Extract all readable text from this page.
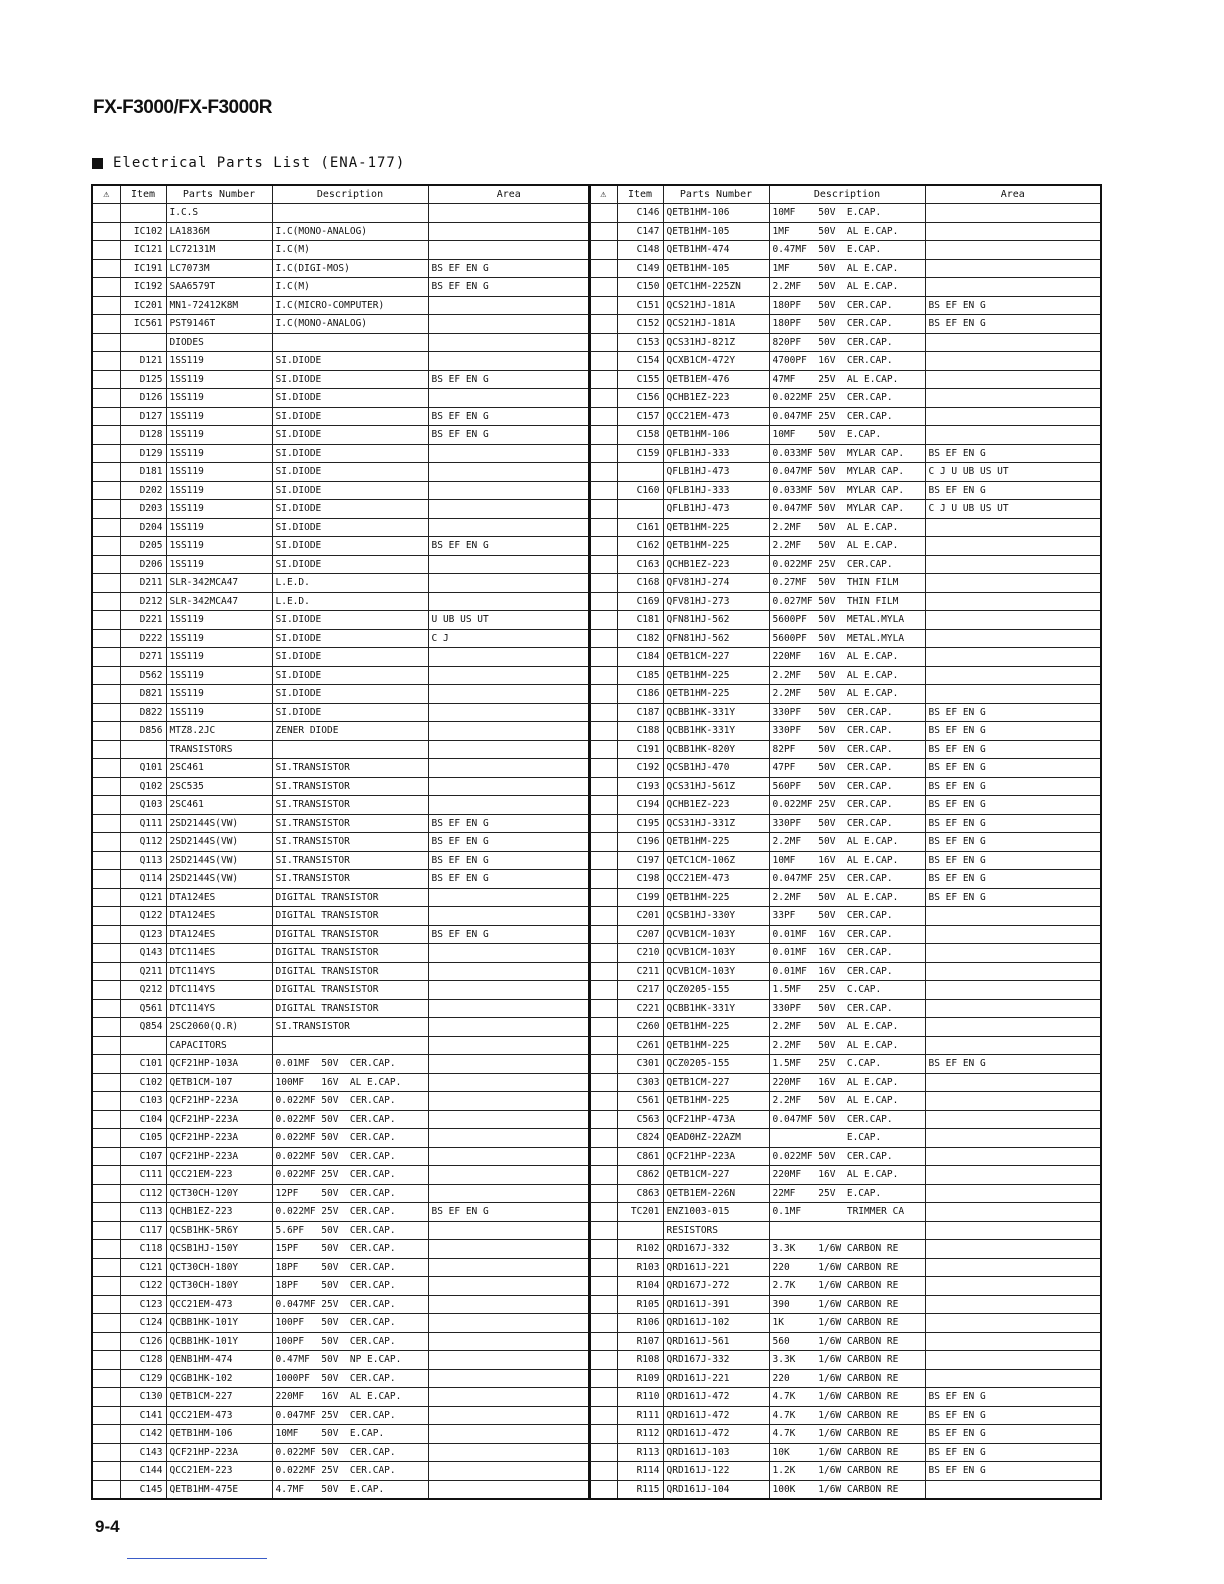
FX-F3000/FX-F3000R
Electrical Parts List (ENA-177)
⚠	Item	Parts Number	Description	Area
		I.C.S		
	IC102	LA1836M	I.C(MONO-ANALOG)	
	IC121	LC72131M	I.C(M)	
	IC191	LC7073M	I.C(DIGI-MOS)	BS EF EN G
	IC192	SAA6579T	I.C(M)	BS EF EN G
	IC201	MN1-72412K8M	I.C(MICRO-COMPUTER)	
	IC561	PST9146T	I.C(MONO-ANALOG)	
		DIODES		
	D121	1SS119	SI.DIODE	
	D125	1SS119	SI.DIODE	BS EF EN G
	D126	1SS119	SI.DIODE	
	D127	1SS119	SI.DIODE	BS EF EN G
	D128	1SS119	SI.DIODE	BS EF EN G
	D129	1SS119	SI.DIODE	
	D181	1SS119	SI.DIODE	
	D202	1SS119	SI.DIODE	
	D203	1SS119	SI.DIODE	
	D204	1SS119	SI.DIODE	
	D205	1SS119	SI.DIODE	BS EF EN G
	D206	1SS119	SI.DIODE	
	D211	SLR-342MCA47	L.E.D.	
	D212	SLR-342MCA47	L.E.D.	
	D221	1SS119	SI.DIODE	U UB US UT
	D222	1SS119	SI.DIODE	C J
	D271	1SS119	SI.DIODE	
	D562	1SS119	SI.DIODE	
	D821	1SS119	SI.DIODE	
	D822	1SS119	SI.DIODE	
	D856	MTZ8.2JC	ZENER DIODE	
		TRANSISTORS		
	Q101	2SC461	SI.TRANSISTOR	
	Q102	2SC535	SI.TRANSISTOR	
	Q103	2SC461	SI.TRANSISTOR	
	Q111	2SD2144S(VW)	SI.TRANSISTOR	BS EF EN G
	Q112	2SD2144S(VW)	SI.TRANSISTOR	BS EF EN G
	Q113	2SD2144S(VW)	SI.TRANSISTOR	BS EF EN G
	Q114	2SD2144S(VW)	SI.TRANSISTOR	BS EF EN G
	Q121	DTA124ES	DIGITAL TRANSISTOR	
	Q122	DTA124ES	DIGITAL TRANSISTOR	
	Q123	DTA124ES	DIGITAL TRANSISTOR	BS EF EN G
	Q143	DTC114ES	DIGITAL TRANSISTOR	
	Q211	DTC114YS	DIGITAL TRANSISTOR	
	Q212	DTC114YS	DIGITAL TRANSISTOR	
	Q561	DTC114YS	DIGITAL TRANSISTOR	
	Q854	2SC2060(Q.R)	SI.TRANSISTOR	
		CAPACITORS		
	C101	QCF21HP-103A	0.01MF  50V  CER.CAP.	
	C102	QETB1CM-107	100MF   16V  AL E.CAP.	
	C103	QCF21HP-223A	0.022MF 50V  CER.CAP.	
	C104	QCF21HP-223A	0.022MF 50V  CER.CAP.	
	C105	QCF21HP-223A	0.022MF 50V  CER.CAP.	
	C107	QCF21HP-223A	0.022MF 50V  CER.CAP.	
	C111	QCC21EM-223	0.022MF 25V  CER.CAP.	
	C112	QCT30CH-120Y	12PF    50V  CER.CAP.	
	C113	QCHB1EZ-223	0.022MF 25V  CER.CAP.	BS EF EN G
	C117	QCSB1HK-5R6Y	5.6PF   50V  CER.CAP.	
	C118	QCSB1HJ-150Y	15PF    50V  CER.CAP.	
	C121	QCT30CH-180Y	18PF    50V  CER.CAP.	
	C122	QCT30CH-180Y	18PF    50V  CER.CAP.	
	C123	QCC21EM-473	0.047MF 25V  CER.CAP.	
	C124	QCBB1HK-101Y	100PF   50V  CER.CAP.	
	C126	QCBB1HK-101Y	100PF   50V  CER.CAP.	
	C128	QENB1HM-474	0.47MF  50V  NP E.CAP.	
	C129	QCGB1HK-102	1000PF  50V  CER.CAP.	
	C130	QETB1CM-227	220MF   16V  AL E.CAP.	
	C141	QCC21EM-473	0.047MF 25V  CER.CAP.	
	C142	QETB1HM-106	10MF    50V  E.CAP.	
	C143	QCF21HP-223A	0.022MF 50V  CER.CAP.	
	C144	QCC21EM-223	0.022MF 25V  CER.CAP.	
	C145	QETB1HM-475E	4.7MF   50V  E.CAP.	
⚠	Item	Parts Number	Description	Area
	C146	QETB1HM-106	10MF    50V  E.CAP.	
	C147	QETB1HM-105	1MF     50V  AL E.CAP.	
	C148	QETB1HM-474	0.47MF  50V  E.CAP.	
	C149	QETB1HM-105	1MF     50V  AL E.CAP.	
	C150	QETC1HM-225ZN	2.2MF   50V  AL E.CAP.	
	C151	QCS21HJ-181A	180PF   50V  CER.CAP.	BS EF EN G
	C152	QCS21HJ-181A	180PF   50V  CER.CAP.	BS EF EN G
	C153	QCS31HJ-821Z	820PF   50V  CER.CAP.	
	C154	QCXB1CM-472Y	4700PF  16V  CER.CAP.	
	C155	QETB1EM-476	47MF    25V  AL E.CAP.	
	C156	QCHB1EZ-223	0.022MF 25V  CER.CAP.	
	C157	QCC21EM-473	0.047MF 25V  CER.CAP.	
	C158	QETB1HM-106	10MF    50V  E.CAP.	
	C159	QFLB1HJ-333	0.033MF 50V  MYLAR CAP.	BS EF EN G
		QFLB1HJ-473	0.047MF 50V  MYLAR CAP.	C J U UB US UT
	C160	QFLB1HJ-333	0.033MF 50V  MYLAR CAP.	BS EF EN G
		QFLB1HJ-473	0.047MF 50V  MYLAR CAP.	C J U UB US UT
	C161	QETB1HM-225	2.2MF   50V  AL E.CAP.	
	C162	QETB1HM-225	2.2MF   50V  AL E.CAP.	
	C163	QCHB1EZ-223	0.022MF 25V  CER.CAP.	
	C168	QFV81HJ-274	0.27MF  50V  THIN FILM	
	C169	QFV81HJ-273	0.027MF 50V  THIN FILM	
	C181	QFN81HJ-562	5600PF  50V  METAL.MYLA	
	C182	QFN81HJ-562	5600PF  50V  METAL.MYLA	
	C184	QETB1CM-227	220MF   16V  AL E.CAP.	
	C185	QETB1HM-225	2.2MF   50V  AL E.CAP.	
	C186	QETB1HM-225	2.2MF   50V  AL E.CAP.	
	C187	QCBB1HK-331Y	330PF   50V  CER.CAP.	BS EF EN G
	C188	QCBB1HK-331Y	330PF   50V  CER.CAP.	BS EF EN G
	C191	QCBB1HK-820Y	82PF    50V  CER.CAP.	BS EF EN G
	C192	QCSB1HJ-470	47PF    50V  CER.CAP.	BS EF EN G
	C193	QCS31HJ-561Z	560PF   50V  CER.CAP.	BS EF EN G
	C194	QCHB1EZ-223	0.022MF 25V  CER.CAP.	BS EF EN G
	C195	QCS31HJ-331Z	330PF   50V  CER.CAP.	BS EF EN G
	C196	QETB1HM-225	2.2MF   50V  AL E.CAP.	BS EF EN G
	C197	QETC1CM-106Z	10MF    16V  AL E.CAP.	BS EF EN G
	C198	QCC21EM-473	0.047MF 25V  CER.CAP.	BS EF EN G
	C199	QETB1HM-225	2.2MF   50V  AL E.CAP.	BS EF EN G
	C201	QCSB1HJ-330Y	33PF    50V  CER.CAP.	
	C207	QCVB1CM-103Y	0.01MF  16V  CER.CAP.	
	C210	QCVB1CM-103Y	0.01MF  16V  CER.CAP.	
	C211	QCVB1CM-103Y	0.01MF  16V  CER.CAP.	
	C217	QCZ0205-155	1.5MF   25V  C.CAP.	
	C221	QCBB1HK-331Y	330PF   50V  CER.CAP.	
	C260	QETB1HM-225	2.2MF   50V  AL E.CAP.	
	C261	QETB1HM-225	2.2MF   50V  AL E.CAP.	
	C301	QCZ0205-155	1.5MF   25V  C.CAP.	BS EF EN G
	C303	QETB1CM-227	220MF   16V  AL E.CAP.	
	C561	QETB1HM-225	2.2MF   50V  AL E.CAP.	
	C563	QCF21HP-473A	0.047MF 50V  CER.CAP.	
	C824	QEAD0HZ-22AZM	E.CAP.	
	C861	QCF21HP-223A	0.022MF 50V  CER.CAP.	
	C862	QETB1CM-227	220MF   16V  AL E.CAP.	
	C863	QETB1EM-226N	22MF    25V  E.CAP.	
	TC201	ENZ1003-015	0.1MF        TRIMMER CA	
		RESISTORS		
	R102	QRD167J-332	3.3K    1/6W CARBON RE	
	R103	QRD161J-221	220     1/6W CARBON RE	
	R104	QRD167J-272	2.7K    1/6W CARBON RE	
	R105	QRD161J-391	390     1/6W CARBON RE	
	R106	QRD161J-102	1K      1/6W CARBON RE	
	R107	QRD161J-561	560     1/6W CARBON RE	
	R108	QRD167J-332	3.3K    1/6W CARBON RE	
	R109	QRD161J-221	220     1/6W CARBON RE	
	R110	QRD161J-472	4.7K    1/6W CARBON RE	BS EF EN G
	R111	QRD161J-472	4.7K    1/6W CARBON RE	BS EF EN G
	R112	QRD161J-472	4.7K    1/6W CARBON RE	BS EF EN G
	R113	QRD161J-103	10K     1/6W CARBON RE	BS EF EN G
	R114	QRD161J-122	1.2K    1/6W CARBON RE	BS EF EN G
	R115	QRD161J-104	100K    1/6W CARBON RE	
9-4
